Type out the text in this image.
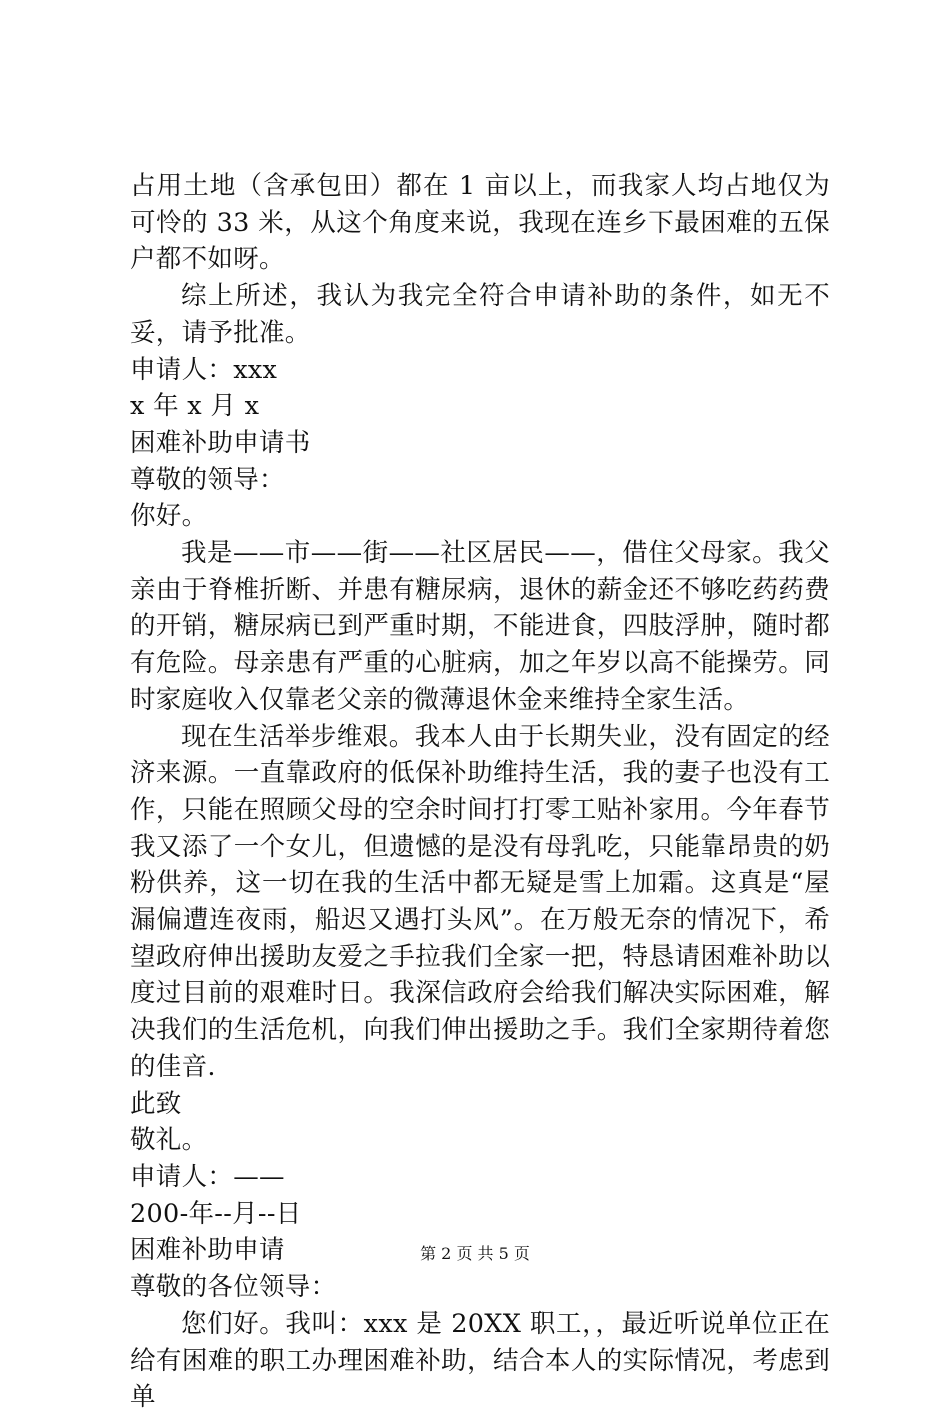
占用土地（含承包田）都在 1 亩以上，而我家人均占地仅为可怜的 33 米，从这个角度来说，我现在连乡下最困难的五保户都不如呀。

综上所述，我认为我完全符合申请补助的条件，如无不妥，请予批准。

申请人：xxx

x 年 x 月 x

困难补助申请书

尊敬的领导：

你好。

我是——市——街——社区居民——，借住父母家。我父亲由于脊椎折断、并患有糖尿病，退休的薪金还不够吃药药费的开销，糖尿病已到严重时期，不能进食，四肢浮肿，随时都有危险。母亲患有严重的心脏病，加之年岁以高不能操劳。同时家庭收入仅靠老父亲的微薄退休金来维持全家生活。

现在生活举步维艰。我本人由于长期失业，没有固定的经济来源。一直靠政府的低保补助维持生活，我的妻子也没有工作，只能在照顾父母的空余时间打打零工贴补家用。今年春节我又添了一个女儿，但遗憾的是没有母乳吃，只能靠昂贵的奶粉供养，这一切在我的生活中都无疑是雪上加霜。这真是“屋漏偏遭连夜雨，船迟又遇打头风”。在万般无奈的情况下，希望政府伸出援助友爱之手拉我们全家一把，特恳请困难补助以度过目前的艰难时日。我深信政府会给我们解决实际困难，解决我们的生活危机，向我们伸出援助之手。我们全家期待着您的佳音.

此致

敬礼。

申请人：——

200-年--月--日

困难补助申请

尊敬的各位领导：

您们好。我叫：xxx 是 20XX 职工，，最近听说单位正在给有困难的职工办理困难补助，结合本人的实际情况，考虑到单

第 2 页 共 5 页
